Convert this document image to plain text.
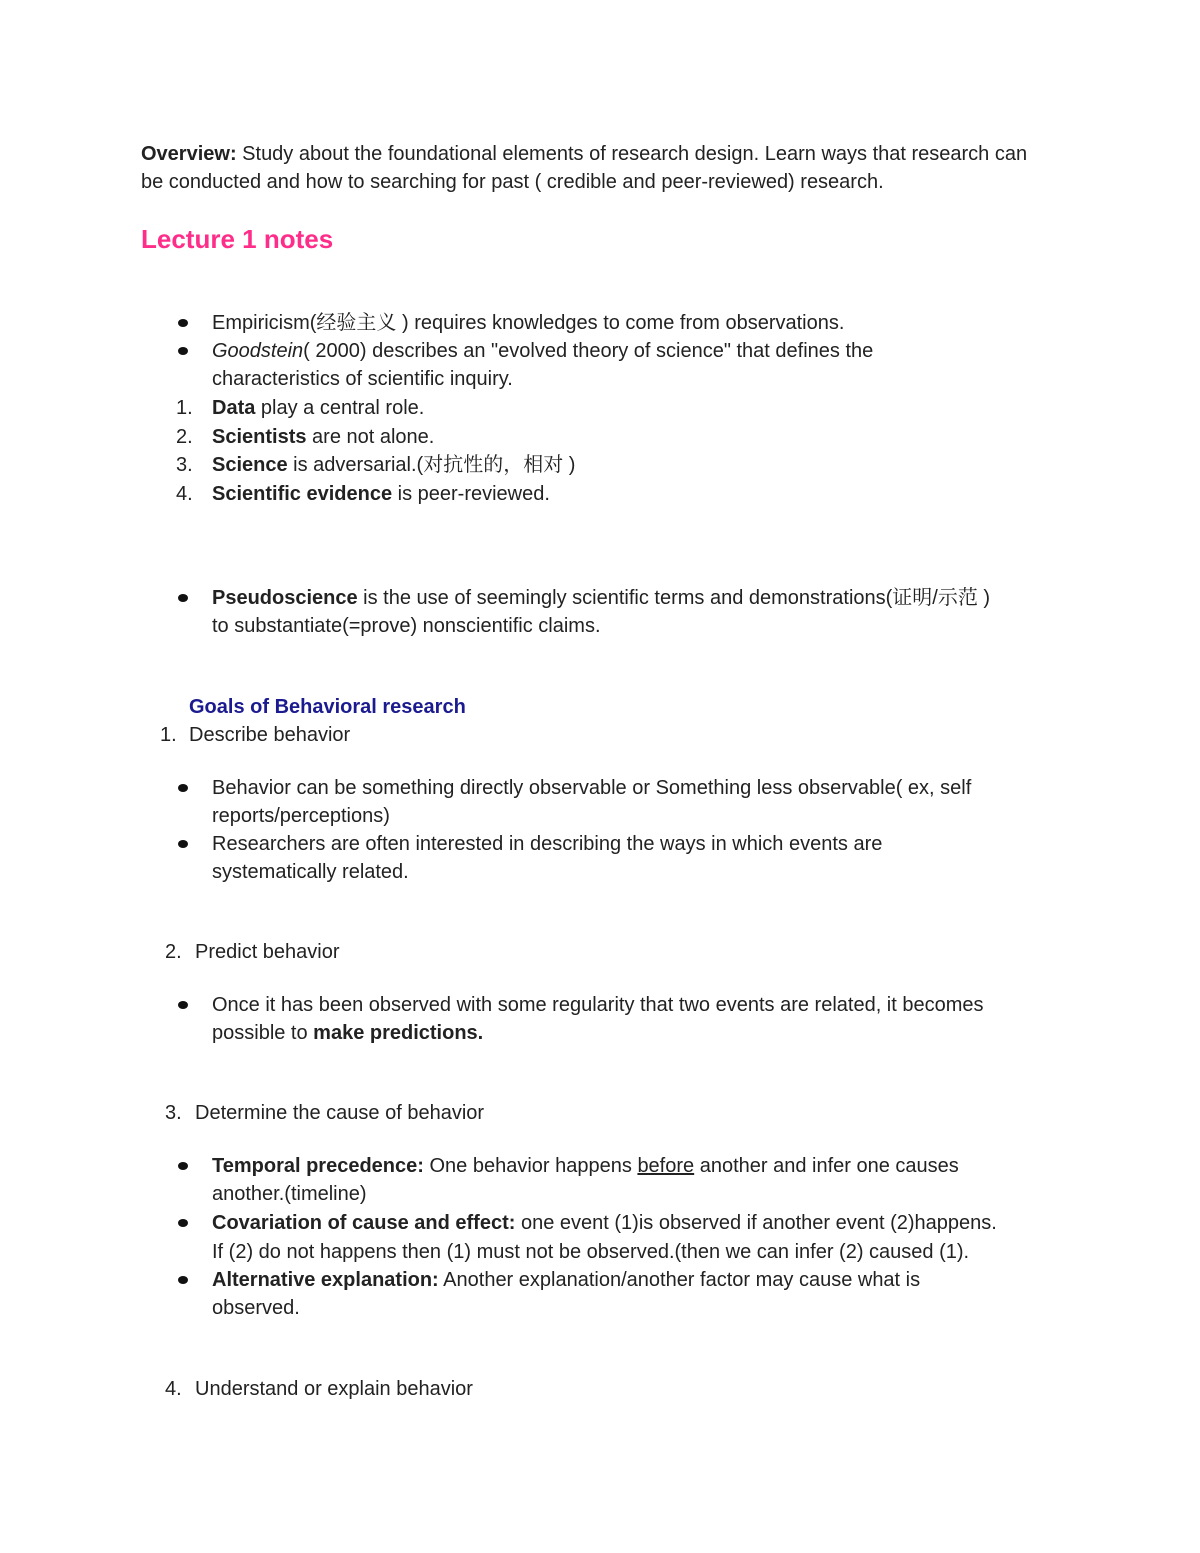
Overview: Study about the foundational elements of research design. Learn ways that research can
be conducted and how to searching for past ( credible and peer-reviewed) research.
Lecture 1 notes
Empiricism(经验主义 ) requires knowledges to come from observations.
Goodstein( 2000) describes an "evolved theory of science" that defines the
characteristics of scientific inquiry.
1. Data play a central role.
2. Scientists are not alone.
3. Science is adversarial.(对抗性的，相对 )
4. Scientific evidence is peer-reviewed.
Pseudoscience is the use of seemingly scientific terms and demonstrations(证明/示范 )
to substantiate(=prove) nonscientific claims.
Goals of Behavioral research
1. Describe behavior
Behavior can be something directly observable or Something less observable( ex, self
reports/perceptions)
Researchers are often interested in describing the ways in which events are
systematically related.
2. Predict behavior
Once it has been observed with some regularity that two events are related, it becomes
possible to make predictions.
3. Determine the cause of behavior
Temporal precedence: One behavior happens before another and infer one causes
another.(timeline)
Covariation of cause and effect: one event (1)is observed if another event (2)happens.
If (2) do not happens then (1) must not be observed.(then we can infer (2) caused (1).
Alternative explanation: Another explanation/another factor may cause what is
observed.
4. Understand or explain behavior
